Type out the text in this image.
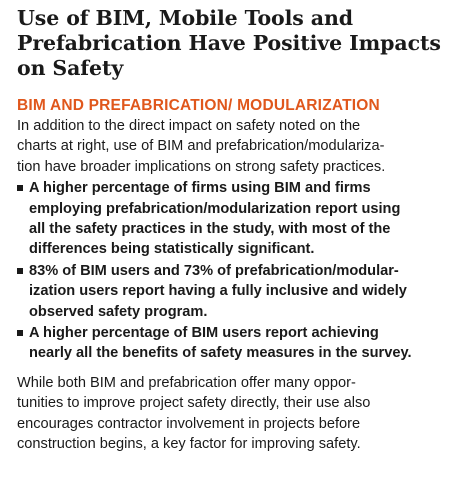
Use of BIM, Mobile Tools and
Prefabrication Have Positive Impacts
on Safety
BIM AND PREFABRICATION/ MODULARIZATION

In addition to the direct impact on safety noted on the
charts at right, use of BIM and prefabrication/modulariza-
tion have broader implications on strong safety practices.

A higher percentage of firms using BIM and firms
employing prefabrication/modularization report using
all the safety practices in the study, with most of the
differences being statistically significant.
83% of BIM users and 73% of prefabrication/modular-
ization users report having a fully inclusive and widely
observed safety program.
A higher percentage of BIM users report achieving
nearly all the benefits of safety measures in the survey.

While both BIM and prefabrication offer many oppor-
tunities to improve project safety directly, their use also
encourages contractor involvement in projects before
construction begins, a key factor for improving safety.
